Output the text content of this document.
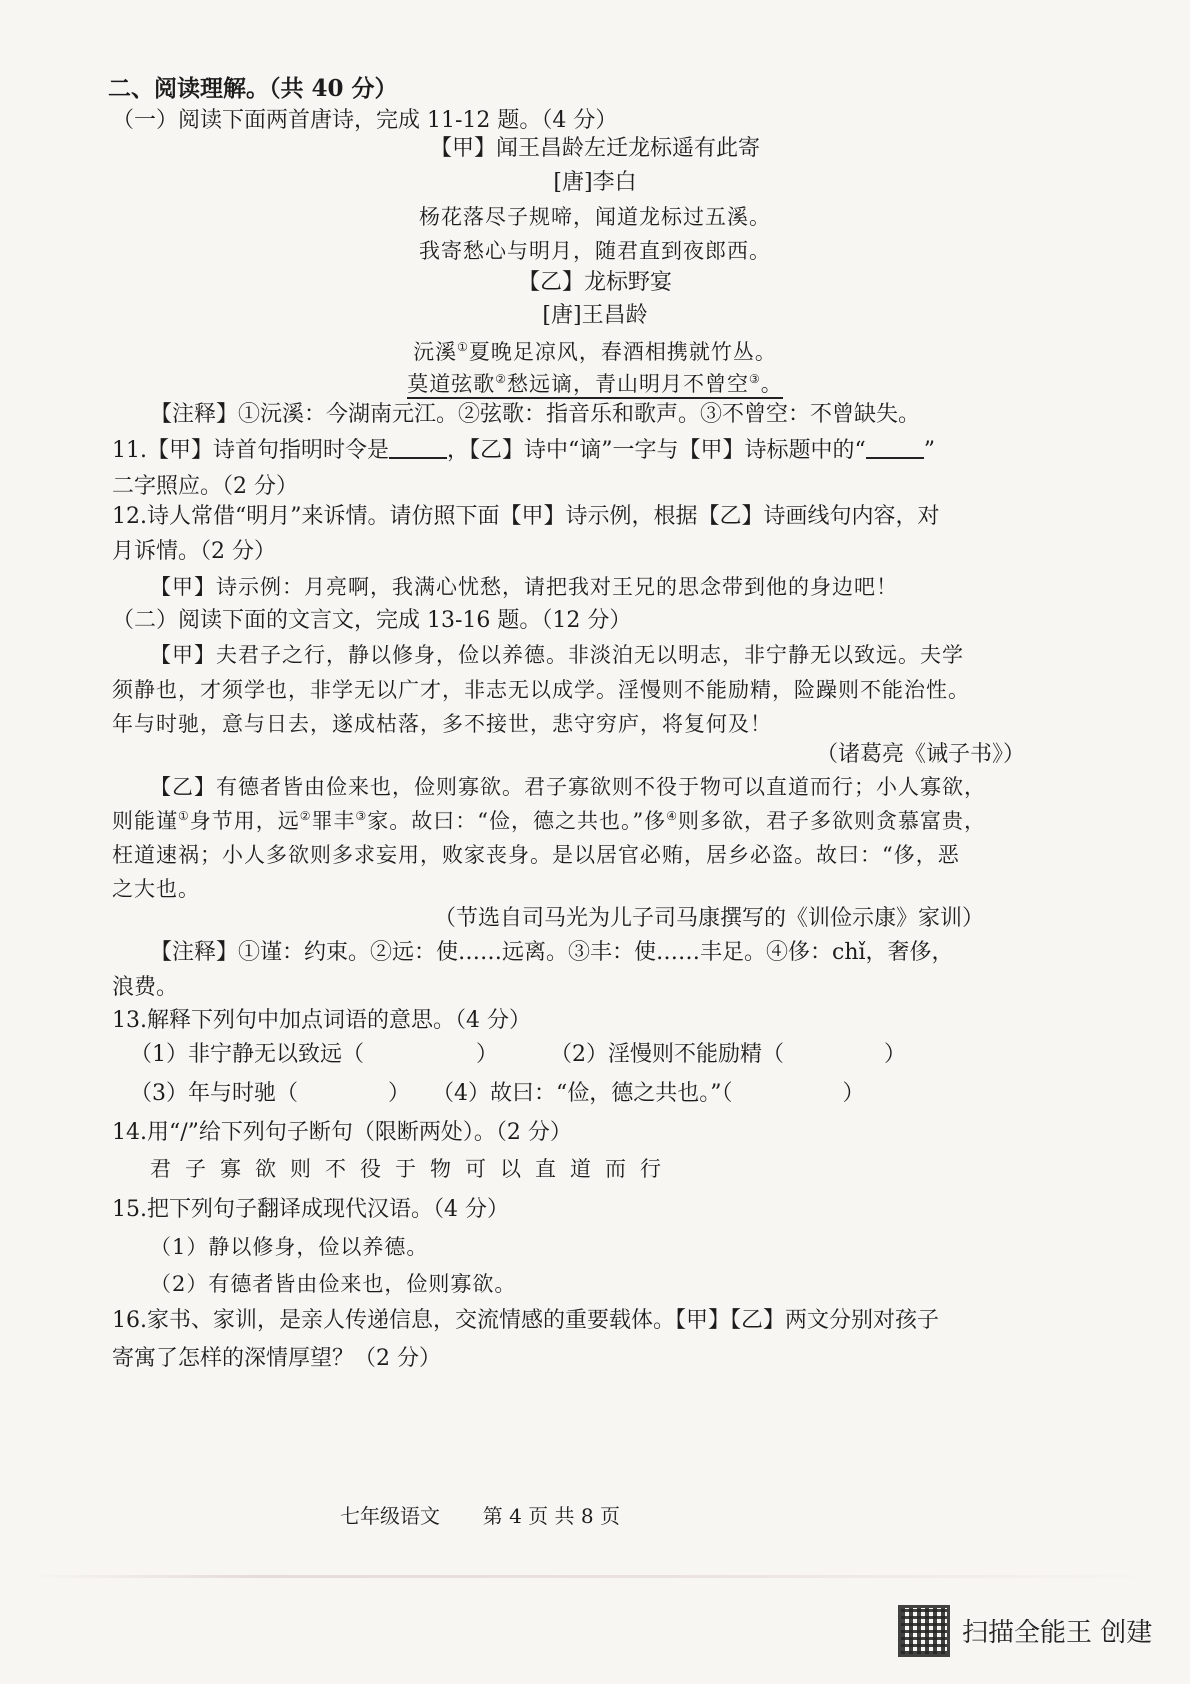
二、阅读理解。（共 40 分）
（一）阅读下面两首唐诗，完成 11-12 题。（4 分）
【甲】闻王昌龄左迁龙标遥有此寄
[唐]李白
杨花落尽子规啼，闻道龙标过五溪。
我寄愁心与明月，随君直到夜郎西。
【乙】龙标野宴
[唐]王昌龄
沅溪①夏晚足凉风，春酒相携就竹丛。
莫道弦歌②愁远谪，青山明月不曾空③。
【注释】①沅溪：今湖南元江。②弦歌：指音乐和歌声。③不曾空：不曾缺失。
11.【甲】诗首句指明时令是	，【乙】诗中“谪”一字与【甲】诗标题中的“	”
二字照应。（2 分）
12.诗人常借“明月”来诉情。请仿照下面【甲】诗示例，根据【乙】诗画线句内容，对
月诉情。（2 分）
【甲】诗示例：月亮啊，我满心忧愁，请把我对王兄的思念带到他的身边吧！
（二）阅读下面的文言文，完成 13-16 题。（12 分）
【甲】夫君子之行，静以修身，俭以养德。非淡泊无以明志，非宁静无以致远。夫学
须静也，才须学也，非学无以广才，非志无以成学。淫慢则不能励精，险躁则不能治性。
年与时驰，意与日去，遂成枯落，多不接世，悲守穷庐，将复何及！
（诸葛亮《诫子书》）
【乙】有德者皆由俭来也，俭则寡欲。君子寡欲则不役于物可以直道而行；小人寡欲，
则能谨①身节用，远②罪丰③家。故曰：“俭，德之共也。”侈④则多欲，君子多欲则贪慕富贵，
枉道速祸；小人多欲则多求妄用，败家丧身。是以居官必贿，居乡必盗。故曰：“侈，恶
之大也。
（节选自司马光为儿子司马康撰写的《训俭示康》家训）
【注释】①谨：约束。②远：使……远离。③丰：使……丰足。④侈：chǐ，奢侈，
浪费。
13.解释下列句中加点词语的意思。（4 分）
（1）非宁静无以致远（	） （2）淫慢则不能励精（	）
（3）年与时驰（	） （4）故曰：“俭，德之共也。”（	）
14.用“/”给下列句子断句（限断两处）。（2 分）
君子寡欲则不役于物可以直道而行
15.把下列句子翻译成现代汉语。（4 分）
（1）静以修身，俭以养德。
（2）有德者皆由俭来也，俭则寡欲。
16.家书、家训，是亲人传递信息，交流情感的重要载体。【甲】【乙】两文分别对孩子
寄寓了怎样的深情厚望？（2 分）
七年级语文 第 4 页 共 8 页
扫描全能王 创建
